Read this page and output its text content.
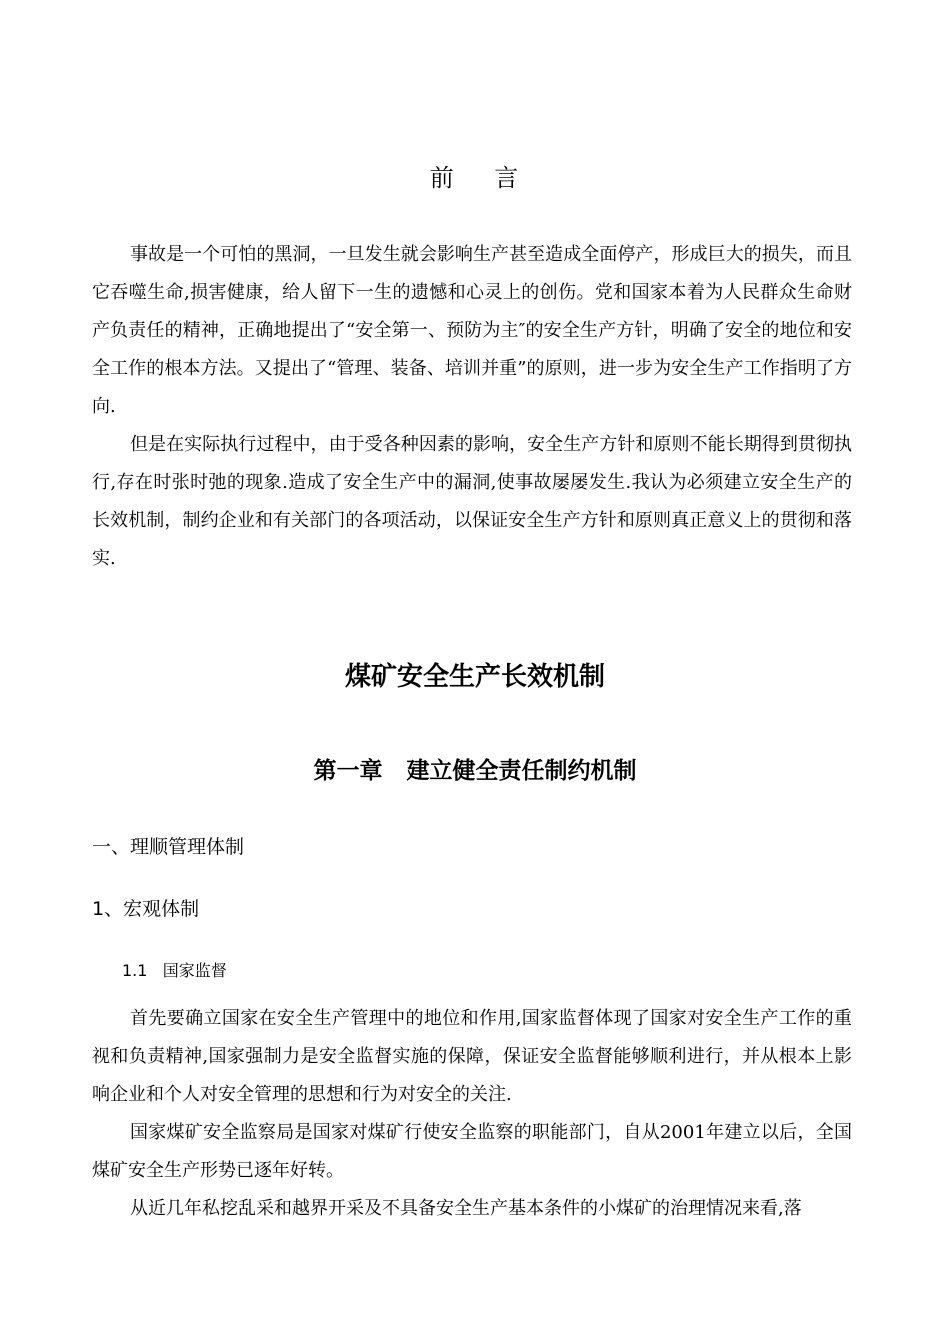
前    言

事故是一个可怕的黑洞，一旦发生就会影响生产甚至造成全面停产，形成巨大的损失，而且它吞噬生命,损害健康，给人留下一生的遗憾和心灵上的创伤。党和国家本着为人民群众生命财产负责任的精神，正确地提出了“安全第一、预防为主″的安全生产方针，明确了安全的地位和安全工作的根本方法。又提出了“管理、装备、培训并重”的原则，进一步为安全生产工作指明了方向.

但是在实际执行过程中，由于受各种因素的影响，安全生产方针和原则不能长期得到贯彻执行,存在时张时弛的现象.造成了安全生产中的漏洞,使事故屡屡发生.我认为必须建立安全生产的长效机制，制约企业和有关部门的各项活动，以保证安全生产方针和原则真正意义上的贯彻和落实.

煤矿安全生产长效机制
第一章   建立健全责任制约机制
一、理顺管理体制
1、宏观体制
1.1   国家监督

首先要确立国家在安全生产管理中的地位和作用,国家监督体现了国家对安全生产工作的重视和负责精神,国家强制力是安全监督实施的保障，保证安全监督能够顺利进行，并从根本上影响企业和个人对安全管理的思想和行为对安全的关注.

国家煤矿安全监察局是国家对煤矿行使安全监察的职能部门，自从2001年建立以后，全国煤矿安全生产形势已逐年好转。

从近几年私挖乱采和越界开采及不具备安全生产基本条件的小煤矿的治理情况来看,落
